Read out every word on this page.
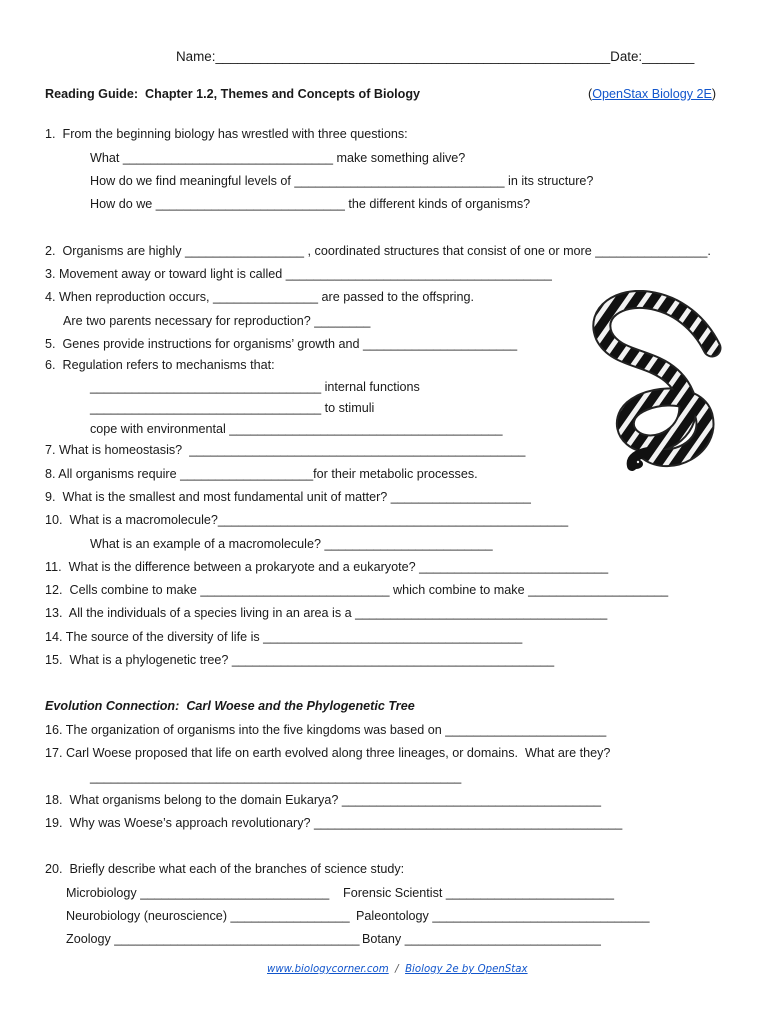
Name:_____________________________________________________Date:_______
Reading Guide:  Chapter 1.2, Themes and Concepts of Biology	(OpenStax Biology 2E)
1.  From the beginning biology has wrestled with three questions:
What ______________________________ make something alive?
How do we find meaningful levels of ______________________________ in its structure?
How do we ___________________________ the different kinds of organisms?
2.  Organisms are highly _________________ , coordinated structures that consist of one or more ________________.
3. Movement away or toward light is called ______________________________________
4. When reproduction occurs, _______________ are passed to the offspring.
Are two parents necessary for reproduction? ________
5.  Genes provide instructions for organisms’ growth and ______________________
6.  Regulation refers to mechanisms that:
_________________________________ internal functions
_________________________________ to stimuli
cope with environmental _______________________________________
7. What is homeostasis?  ________________________________________________
8. All organisms require ___________________for their metabolic processes.
9.  What is the smallest and most fundamental unit of matter? ____________________
10.  What is a macromolecule?__________________________________________________
What is an example of a macromolecule? ________________________
11.  What is the difference between a prokaryote and a eukaryote? ___________________________
12.  Cells combine to make ___________________________ which combine to make ____________________
13.  All the individuals of a species living in an area is a ____________________________________
14. The source of the diversity of life is _____________________________________
15.  What is a phylogenetic tree? ______________________________________________
Evolution Connection:  Carl Woese and the Phylogenetic Tree
16. The organization of organisms into the five kingdoms was based on _______________________
17. Carl Woese proposed that life on earth evolved along three lineages, or domains.  What are they?
_____________________________________________________
18.  What organisms belong to the domain Eukarya? _____________________________________
19.  Why was Woese’s approach revolutionary? ____________________________________________
20.  Briefly describe what each of the branches of science study:
Microbiology ___________________________ Forensic Scientist ________________________
Neurobiology (neuroscience) _________________ Paleontology _______________________________
Zoology ___________________________________ Botany ____________________________
www.biologycorner.com  /  Biology 2e by OpenStax
